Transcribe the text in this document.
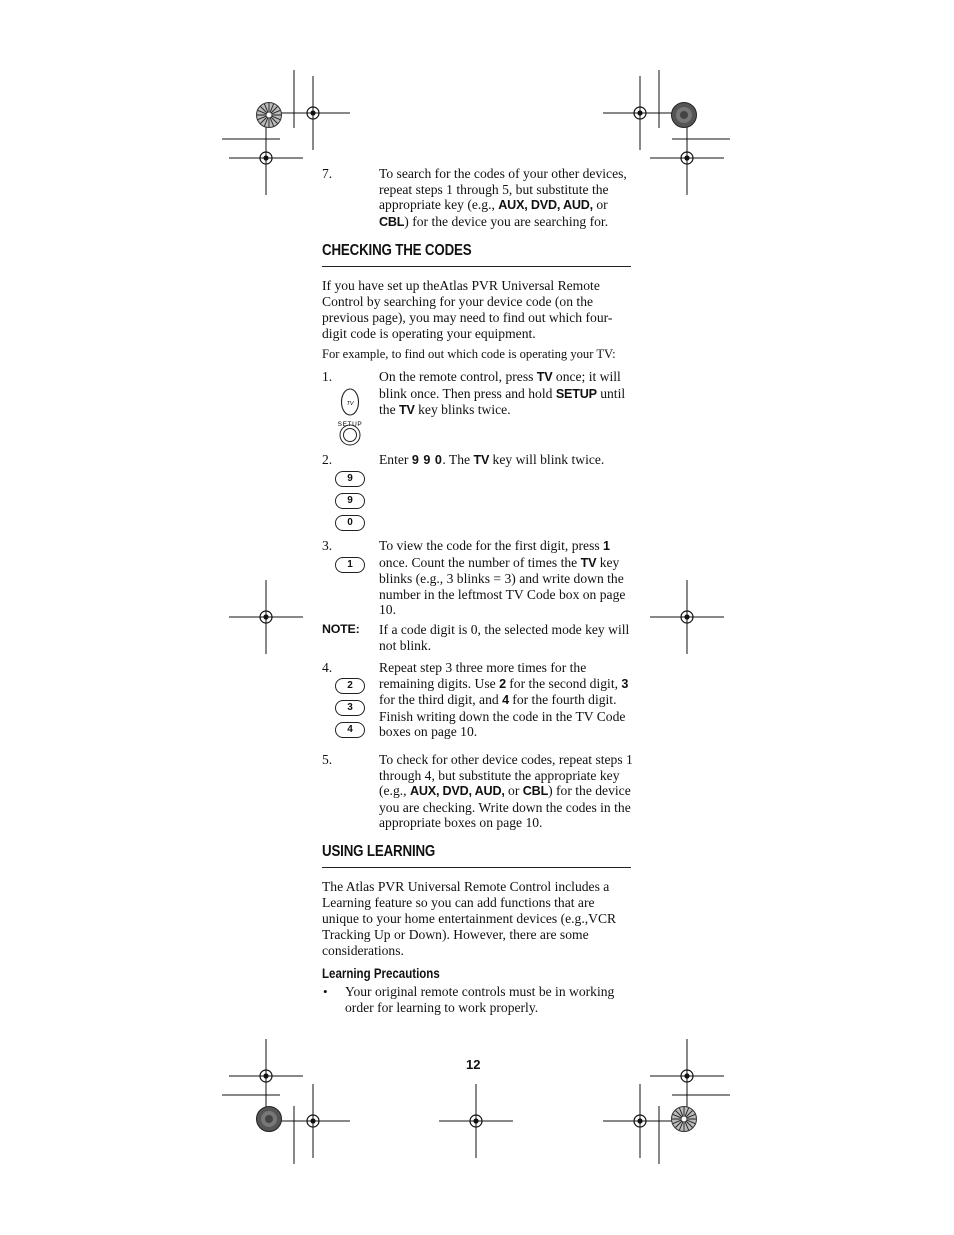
7.	To search for the codes of your other devices, repeat steps 1 through 5, but substitute the appropriate key (e.g., AUX, DVD, AUD, or CBL) for the device you are searching for.
CHECKING THE CODES
If you have set up theAtlas PVR Universal Remote Control by searching for your device code (on the previous page), you may need to find out which four-digit code is operating your equipment.
For example, to find out which code is operating your TV:
1.
TV
SETUP
On the remote control, press TV once; it will blink once. Then press and hold SETUP until the TV key blinks twice.
2.
9
9
0
Enter 9 9 0. The TV key will blink twice.
3.
1
To view the code for the first digit, press 1 once. Count the number of times the TV key blinks (e.g., 3 blinks = 3) and write down the number in the leftmost TV Code box on page 10.
NOTE: If a code digit is 0, the selected mode key will not blink.
4.
2
3
4
Repeat step 3 three more times for the remaining digits. Use 2 for the second digit, 3 for the third digit, and 4 for the fourth digit. Finish writing down the code in the TV Code boxes on page 10.
5.	To check for other device codes, repeat steps 1 through 4, but substitute the appropriate key (e.g., AUX, DVD, AUD, or CBL) for the device you are checking. Write down the codes in the appropriate boxes on page 10.
USING LEARNING
The Atlas PVR Universal Remote Control includes a Learning feature so you can add functions that are unique to your home entertainment devices (e.g.,VCR Tracking Up or Down). However, there are some considerations.
Learning Precautions
• Your original remote controls must be in working order for learning to work properly.
12
